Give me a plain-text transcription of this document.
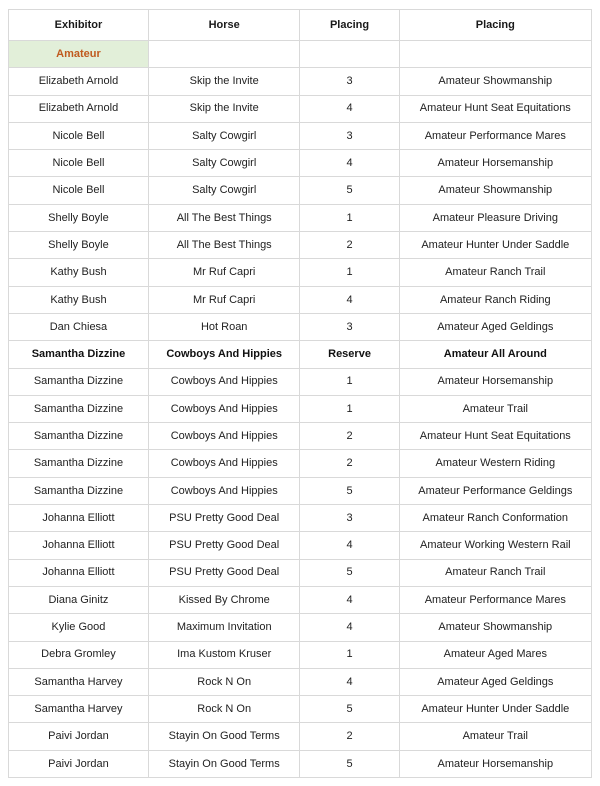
Exhibitor	Horse	Placing	Placing
Amateur			
Elizabeth Arnold	Skip the Invite	3	Amateur Showmanship
Elizabeth Arnold	Skip the Invite	4	Amateur Hunt Seat Equitations
Nicole Bell	Salty Cowgirl	3	Amateur Performance Mares
Nicole Bell	Salty Cowgirl	4	Amateur Horsemanship
Nicole Bell	Salty Cowgirl	5	Amateur Showmanship
Shelly Boyle	All The Best Things	1	Amateur Pleasure Driving
Shelly Boyle	All The Best Things	2	Amateur Hunter Under Saddle
Kathy Bush	Mr Ruf Capri	1	Amateur Ranch Trail
Kathy Bush	Mr Ruf Capri	4	Amateur Ranch Riding
Dan Chiesa	Hot Roan	3	Amateur Aged Geldings
Samantha Dizzine	Cowboys And Hippies	Reserve	Amateur All Around
Samantha Dizzine	Cowboys And Hippies	1	Amateur Horsemanship
Samantha Dizzine	Cowboys And Hippies	1	Amateur Trail
Samantha Dizzine	Cowboys And Hippies	2	Amateur Hunt Seat Equitations
Samantha Dizzine	Cowboys And Hippies	2	Amateur Western Riding
Samantha Dizzine	Cowboys And Hippies	5	Amateur Performance Geldings
Johanna Elliott	PSU Pretty Good Deal	3	Amateur Ranch Conformation
Johanna Elliott	PSU Pretty Good Deal	4	Amateur Working Western Rail
Johanna Elliott	PSU Pretty Good Deal	5	Amateur Ranch Trail
Diana Ginitz	Kissed By Chrome	4	Amateur Performance Mares
Kylie Good	Maximum Invitation	4	Amateur Showmanship
Debra Gromley	Ima Kustom Kruser	1	Amateur Aged Mares
Samantha Harvey	Rock N On	4	Amateur Aged Geldings
Samantha Harvey	Rock N On	5	Amateur Hunter Under Saddle
Paivi Jordan	Stayin On Good Terms	2	Amateur Trail
Paivi Jordan	Stayin On Good Terms	5	Amateur Horsemanship
